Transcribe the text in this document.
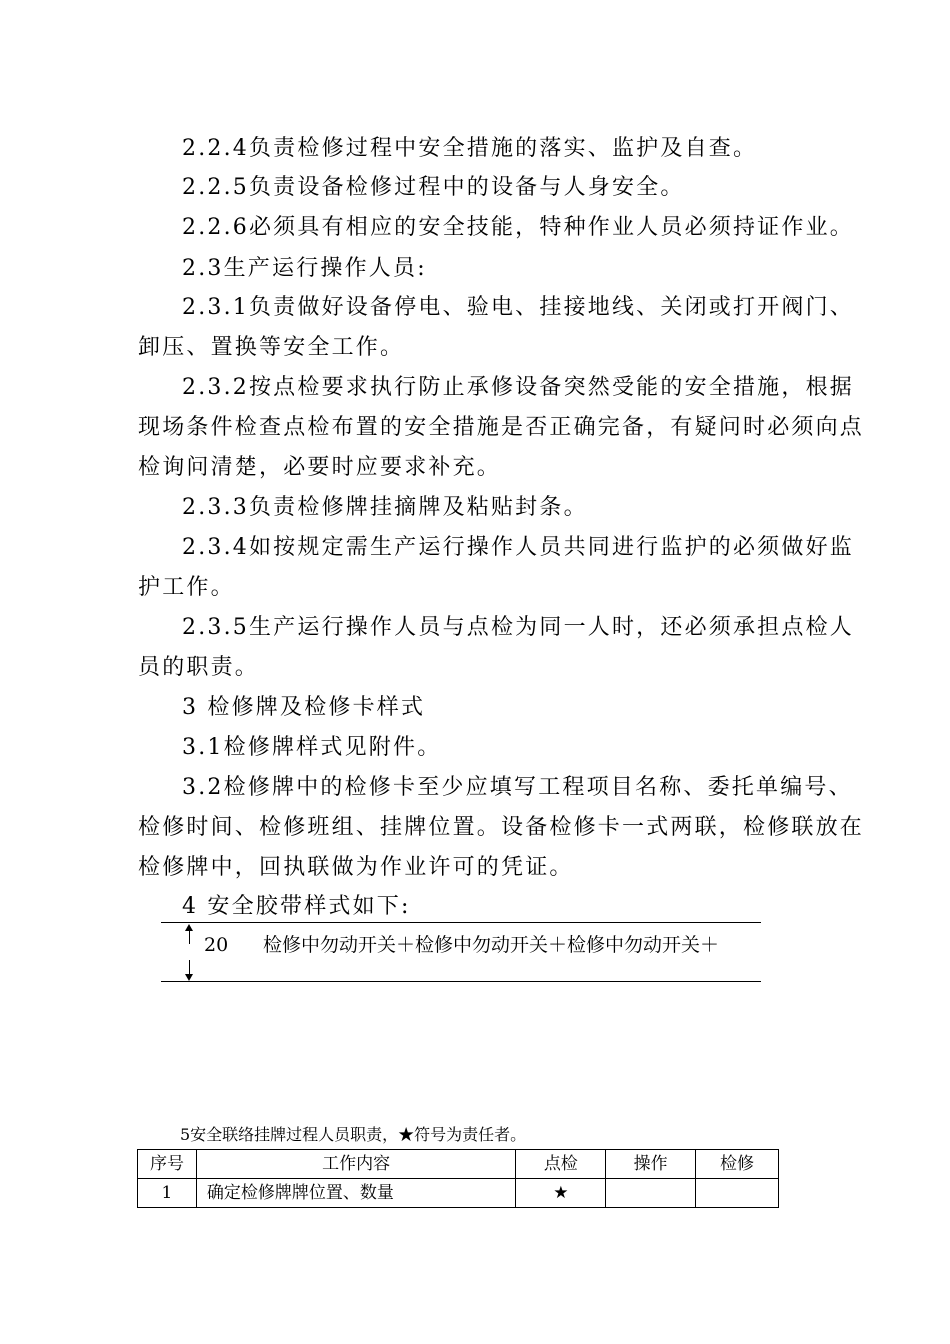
2.2.4负责检修过程中安全措施的落实、监护及自查。
2.2.5负责设备检修过程中的设备与人身安全。
2.2.6必须具有相应的安全技能，特种作业人员必须持证作业。
2.3生产运行操作人员:
2.3.1负责做好设备停电、验电、挂接地线、关闭或打开阀门、
卸压、置换等安全工作。
2.3.2按点检要求执行防止承修设备突然受能的安全措施，根据
现场条件检查点检布置的安全措施是否正确完备，有疑问时必须向点
检询问清楚，必要时应要求补充。
2.3.3负责检修牌挂摘牌及粘贴封条。
2.3.4如按规定需生产运行操作人员共同进行监护的必须做好监
护工作。
2.3.5生产运行操作人员与点检为同一人时，还必须承担点检人
员的职责。
3 检修牌及检修卡样式
3.1检修牌样式见附件。
3.2检修牌中的检修卡至少应填写工程项目名称、委托单编号、
检修时间、检修班组、挂牌位置。设备检修卡一式两联，检修联放在
检修牌中，回执联做为作业许可的凭证。
4 安全胶带样式如下:
20 检修中勿动开关＋检修中勿动开关＋检修中勿动开关＋
5安全联络挂牌过程人员职责，★符号为责任者。
序号	工作内容	点检	操作	检修
1	确定检修牌牌位置、数量	★		
